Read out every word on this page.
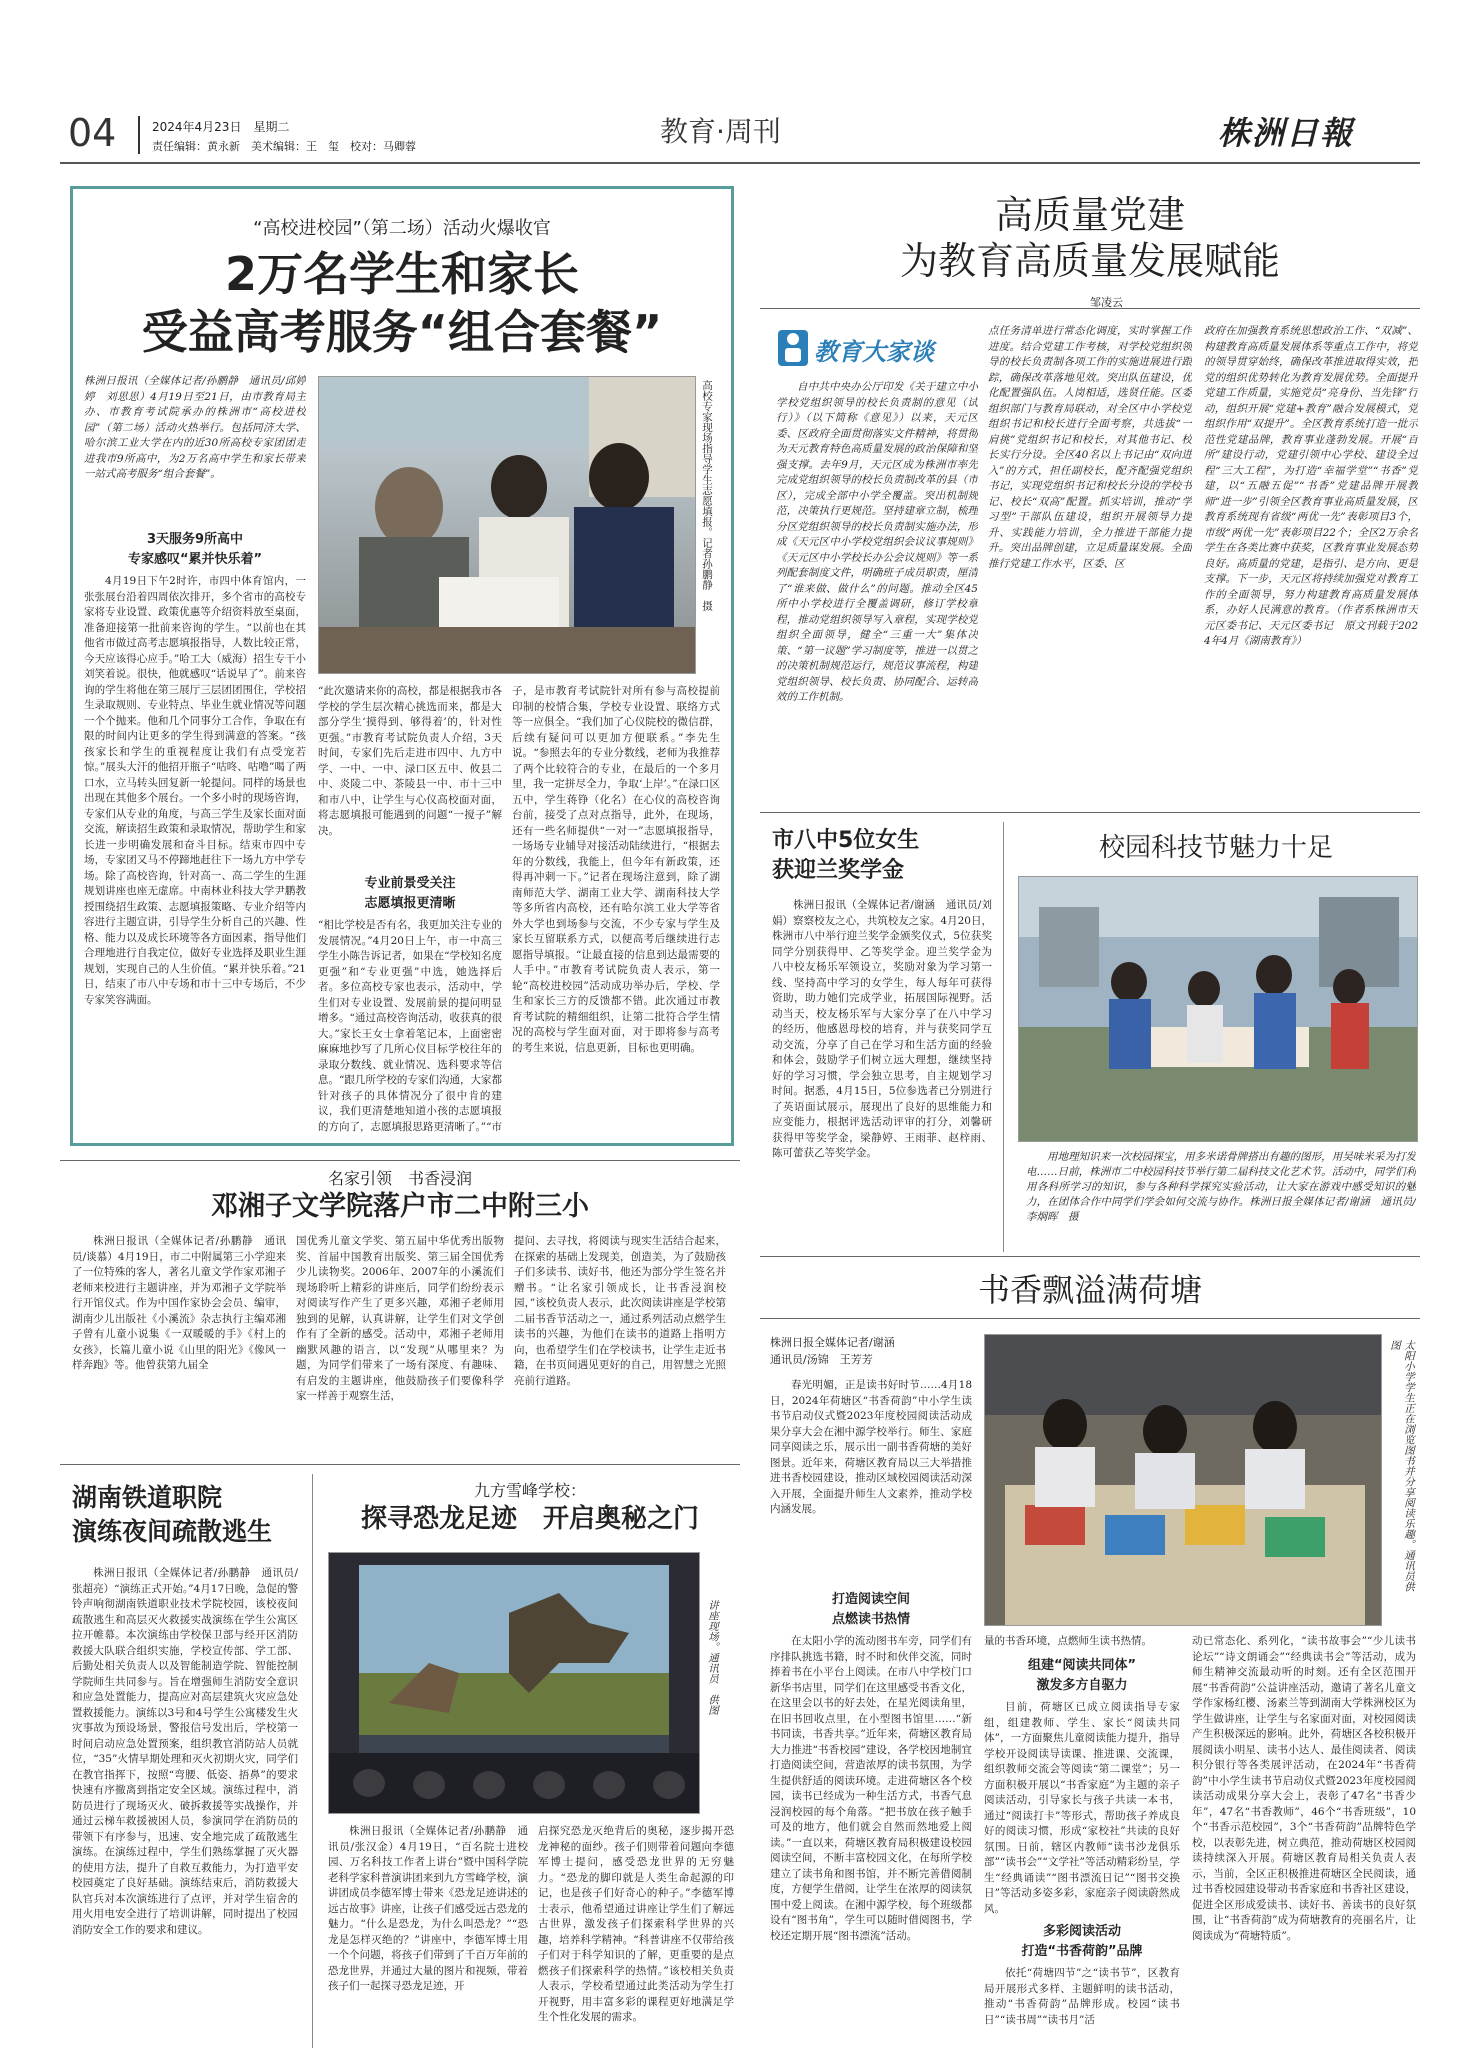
04	2024年4月23日　星期二
责任编辑：黄永新　美术编辑：王　玺　校对：马卿蓉	教育·周刊	株洲日報
“高校进校园”（第二场）活动火爆收官
2万名学生和家长
受益高考服务“组合套餐”
株洲日报讯（全媒体记者/孙鹏静　通讯员/邱婷婷　刘思思）4月19日至21日，由市教育局主办、市教育考试院承办的株洲市“高校进校园”（第二场）活动火热举行。包括同济大学、哈尔滨工业大学在内的近30所高校专家团团走进我市9所高中，为2万名高中学生和家长带来一站式高考服务“组合套餐”。
3天服务9所高中
专家感叹“累并快乐着”
4月19日下午2时许，市四中体育馆内，一张张展台沿着四周依次排开，多个省市的高校专家将专业设置、政策优惠等介绍资料放至桌面，准备迎接第一批前来咨询的学生。“以前也在其他省市做过高考志愿填报指导，人数比较正常，今天应该得心应手。”哈工大（威海）招生专干小刘笑着说。很快，他就感叹“话说早了”。前来咨询的学生将他在第三展厅三层团团围住，学校招生录取规则、专业特点、毕业生就业情况等问题一个个抛来。他和几个同事分工合作，争取在有限的时间内让更多的学生得到满意的答案。“孩孩家长和学生的重视程度让我们有点受宠若惊。”展头大汗的他招开瓶子“咕咚、咕噜”喝了两口水，立马转头回复新一轮提问。同样的场景也出现在其他多个展台。一个多小时的现场咨询，专家们从专业的角度，与高三学生及家长面对面交流，解读招生政策和录取情况，帮助学生和家长进一步明确发展和奋斗目标。结束市四中专场，专家团又马不停蹄地赶往下一场九方中学专场。除了高校咨询，针对高一、高二学生的生涯规划讲座也座无虚席。中南林业科技大学尹鹏教授围绕招生政策、志愿填报策略、专业介绍等内容进行主题宣讲，引导学生分析自己的兴趣、性格、能力以及成长环境等各方面因素，指导他们合理地进行自我定位，做好专业选择及职业生涯规划，实现自己的人生价值。“累并快乐着。”21日，结束了市八中专场和市十三中专场后，不少专家笑容满面。
高校专家现场指导学生志愿填报。记者孙鹏静　摄
“此次邀请来你的高校，都是根据我市各学校的学生层次精心挑选而来，都是大部分学生‘摸得到、够得着’的，针对性更强。”市教育考试院负责人介绍，3天时间，专家们先后走进市四中、九方中学、一中、一中、渌口区五中、攸县二中、炎陵二中、茶陵县一中、市十三中和市八中，让学生与心仪高校面对面，将志愿填报可能遇到的问题“一搅子”解决。
专业前景受关注
志愿填报更清晰
“相比学校是否有名，我更加关注专业的发展情况。”4月20日上午，市一中高三学生小陈告诉记者，如果在“学校知名度更强”和“专业更强”中选，她选择后者。多位高校专家也表示，活动中，学生们对专业设置、发展前景的提问明显增多。“通过高校咨询活动，收获真的很大。”家长王女士拿着笔记本，上面密密麻麻地抄写了几所心仪目标学校往年的录取分数线、就业情况、选科要求等信息。“跟几所学校的专家们沟通，大家都针对孩子的具体情况分了很中肯的建议，我们更清楚地知道小孩的志愿填报的方向了，志愿填报思路更清晰了。”“市
子，是市教育考试院针对所有参与高校提前印制的校情合集，学校专业设置、联络方式等一应俱全。“我们加了心仪院校的微信群，后续有疑问可以更加方便联系。”李先生说。“参照去年的专业分数线，老师为我推荐了两个比较符合的专业，在最后的一个多月里，我一定拼尽全力，争取‘上岸’。”在渌口区五中，学生蒋铮（化名）在心仪的高校咨询台前，接受了点对点指导，此外，在现场，还有一些名师提供“一对一”志愿填报指导，一场场专业辅导对接活动陆续进行，“根据去年的分数线，我能上，但今年有新政策，还得再冲刺一下。”记者在现场注意到，除了湖南师范大学、湖南工业大学、湖南科技大学等多所省内高校，还有哈尔滨工业大学等省外大学也到场参与交流，不少专家与学生及家长互留联系方式，以便高考后继续进行志愿指导填报。“让最直接的信息到达最需要的人手中。”市教育考试院负责人表示，第一轮“高校进校园”活动成功举办后，学校、学生和家长三方的反馈都不错。此次通过市教育考试院的精细组织，让第二批符合学生情况的高校与学生面对面，对于即将参与高考的考生来说，信息更新，目标也更明确。
高质量党建
为教育高质量发展赋能
邹凌云
教育大家谈
自中共中央办公厅印发《关于建立中小学校党组织领导的校长负责制的意见（试行）》（以下简称《意见》）以来，天元区委、区政府全面贯彻落实文件精神，将贯彻为天元教育特色高质量发展的政治保障和坚强支撑。去年9月，天元区成为株洲市率先完成党组织领导的校长负责制改革的县（市区），完成全部中小学全覆盖。突出机制规范，决策执行更规范。坚持建章立制，梳理分区党组织领导的校长负责制实施办法，形成《天元区中小学校党组织会议议事规则》《天元区中小学校长办公会议规则》等一系列配套制度文件，明确班子成员职责，厘清了“谁来做、做什么”的问题。推动全区45所中小学校进行全覆盖调研，修订学校章程，推动党组织领导写入章程，实现学校党组织全面领导，健全“三重一大”集体决策、“第一议题”学习制度等，推进一以贯之的决策机制规范运行，规范议事流程，构建党组织领导、校长负责、协同配合、运转高效的工作机制。
点任务清单进行常态化调度，实时掌握工作进度。结合党建工作考核，对学校党组织领导的校长负责制各项工作的实施进展进行跟踪，确保改革落地见效。突出队伍建设，优化配置强队伍。人岗相适，选贤任能。区委组织部门与教育局联动，对全区中小学校党组织书记和校长进行全面考察，共选拔“一肩挑”党组织书记和校长，对其他书记、校长实行分设。全区40名以上书记由“双向进入”的方式，担任副校长，配齐配强党组织书记，实现党组织书记和校长分设的学校书记、校长“双高”配置。抓实培训，推动“学习型”干部队伍建设，组织开展领导力提升、实践能力培训，全力推进干部能力提升。突出品牌创建，立足质量谋发展。全面推行党建工作水平，区委、区
政府在加强教育系统思想政治工作、“双减”、构建教育高质量发展体系等重点工作中，将党的领导贯穿始终，确保改革推进取得实效，把党的组织优势转化为教育发展优势。全面提升党建工作质量，实施党员“亮身份、当先锋”行动，组织开展“党建+教育”融合发展模式，党组织作用“双提升”。全区教育系统打造一批示范性党建品牌，教育事业蓬勃发展。开展“百所”建设行动，党建引领中心学校、建设全过程“三大工程”，为打造“幸福学堂”“书香”党建，以“五融五促”“书香”党建品牌开展教师“进一步”引领全区教育事业高质量发展，区教育系统现有省级“两优一先”表彰项目3个，市级“两优一先”表彰项目22个；全区2万余名学生在各类比赛中获奖，区教育事业发展态势良好。高质量的党建，是指引、是方向、更是支撑。下一步，天元区将持续加强党对教育工作的全面领导，努力构建教育高质量发展体系，办好人民满意的教育。（作者系株洲市天元区委书记、天元区委书记　原文刊载于2024年4月《湖南教育》）
市八中5位女生
获迎兰奖学金
株洲日报讯（全媒体记者/谢涵　通讯员/刘娟）察察校友之心，共筑校友之家。4月20日，株洲市八中举行迎兰奖学金颁奖仪式，5位获奖同学分别获得甲、乙等奖学金。迎兰奖学金为八中校友杨乐军领设立，奖励对象为学习第一线、坚持高中学习的女学生，每人每年可获得资助，助力她们完成学业，拓展国际视野。活动当天，校友杨乐军与大家分享了在八中学习的经历，他感恩母校的培育，并与获奖同学互动交流，分享了自己在学习和生活方面的经验和体会，鼓励学子们树立远大理想，继续坚持好的学习习惯，学会独立思考，自主规划学习时间。据悉，4月15日，5位参选者已分别进行了英语面试展示，展现出了良好的思维能力和应变能力，根据评选活动评审的打分，刘馨研获得甲等奖学金，梁静婷、王雨菲、赵梓雨、陈可蕾获乙等奖学金。
校园科技节魅力十足
用地理知识来一次校园探宝，用多米诺骨牌搭出有趣的图形，用吴味米采为打发电……日前，株洲市二中校园科技节举行第二届科技文化艺术节。活动中，同学们利用各科所学习的知识，参与各种科学探究实验活动，让大家在游戏中感受知识的魅力，在团体合作中同学们学会如何交流与协作。株洲日报全媒体记者/谢涵　通讯员/李炯晖　摄
名家引领　书香浸润
邓湘子文学院落户市二中附三小
株洲日报讯（全媒体记者/孙鹏静　通讯员/谈慕）4月19日，市二中附属第三小学迎来了一位特殊的客人，著名儿童文学作家邓湘子老师来校进行主题讲座，并为邓湘子文学院举行开馆仪式。作为中国作家协会会员、编审，湖南少儿出版社《小溪流》杂志执行主编邓湘子曾有儿童小说集《一双暖暖的手》《村上的女孩》，长篇儿童小说《山里的阳光》《像风一样奔跑》等。他曾获第九届全
国优秀儿童文学奖、第五届中华优秀出版物奖、首届中国教育出版奖、第三届全国优秀少儿读物奖。2006年、2007年的小溪流们现场聆听上精彩的讲座后，同学们纷纷表示对阅读写作产生了更多兴趣，邓湘子老师用独到的见解，认真讲解，让学生们对文学创作有了全新的感受。活动中，邓湘子老师用幽默风趣的语言，以“发现”从哪里来？为题，为同学们带来了一场有深度、有趣味、有启发的主题讲座，他鼓励孩子们要像科学家一样善于观察生活，
提问、去寻找，将阅读与现实生活结合起来，在探索的基础上发现美，创造美，为了鼓励孩子们多读书、读好书，他还为部分学生签名并赠书。“让名家引领成长，让书香浸润校园，”该校负责人表示，此次阅读讲座是学校第二届书香节活动之一，通过系列活动点燃学生读书的兴趣，为他们在读书的道路上指明方向，也希望学生们在学校读书，让学生走近书籍，在书页间遇见更好的自己，用智慧之光照亮前行道路。
湖南铁道职院
演练夜间疏散逃生
株洲日报讯（全媒体记者/孙鹏静　通讯员/张超亮）“演练正式开始。”4月17日晚，急促的警铃声响彻湖南铁道职业技术学院校园，该校夜间疏散逃生和高层灭火救援实战演练在学生公寓区拉开帷幕。本次演练由学校保卫部与经开区消防救援大队联合组织实施，学校宣传部、学工部、后勤处相关负责人以及智能制造学院、智能控制学院师生共同参与。旨在增强师生消防安全意识和应急处置能力，提高应对高层建筑火灾应急处置救援能力。演练以3号和4号学生公寓楼发生火灾事故为预设场景，警报信号发出后，学校第一时间启动应急处置预案，组织教官消防站人员就位，“35”火情早期处理和灭火初期火灾，同学们在教官指挥下，按照“弯腰、低姿、捂鼻”的要求快速有序撤离到指定安全区域。演练过程中，消防员进行了现场灭火、破拆救援等实战操作，并通过云梯车救援被困人员，参演同学在消防员的带领下有序参与，迅速、安全地完成了疏散逃生演练。在演练过程中，学生们熟练掌握了灭火器的使用方法，提升了自救互救能力，为打造平安校园奠定了良好基础。演练结束后，消防救援大队官兵对本次演练进行了点评，并对学生宿舍的用火用电安全进行了培训讲解，同时提出了校园消防安全工作的要求和建议。
九方雪峰学校：
探寻恐龙足迹　开启奥秘之门
讲座现场。通讯员　供图
株洲日报讯（全媒体记者/孙鹏静　通讯员/张汉金）4月19日，“百名院士进校园、万名科技工作者上讲台”暨中国科学院老科学家科普演讲团来到九方雪峰学校，演讲团成员李德军博士带来《恐龙足迹讲述的远古故事》讲座，让孩子们感受远古恐龙的魅力。“什么是恐龙，为什么叫恐龙？”“恐龙是怎样灭绝的？”讲座中，李德军博士用一个个问题，将孩子们带到了千百万年前的恐龙世界，并通过大量的图片和视频，带着孩子们一起探寻恐龙足迹，开
启探究恐龙灭绝背后的奥秘，逐步揭开恐龙神秘的面纱。孩子们则带着问题向李德军博士提问，感受恐龙世界的无穷魅力。“恐龙的脚印就是人类生命起源的印记，也是孩子们好奇心的种子。”李德军博士表示，他希望通过讲座让学生们了解远古世界，激发孩子们探索科学世界的兴趣，培养科学精神。“科普讲座不仅带给孩子们对于科学知识的了解，更重要的是点燃孩子们探索科学的热情。”该校相关负责人表示，学校希望通过此类活动为学生打开视野，用丰富多彩的课程更好地满足学生个性化发展的需求。
书香飘溢满荷塘
株洲日报全媒体记者/谢涵
通讯员/汤锦　王芳芳
春光明媚，正是读书好时节……4月18日，2024年荷塘区“书香荷韵”中小学生读书节启动仪式暨2023年度校园阅读活动成果分享大会在湘中源学校举行。师生、家庭同享阅读之乐，展示出一副书香荷塘的美好图景。近年来，荷塘区教育局以三大举措推进书香校园建设，推动区域校园阅读活动深入开展，全面提升师生人文素养，推动学校内涵发展。
打造阅读空间
点燃读书热情
在太阳小学的流动图书车旁，同学们有序排队挑选书籍，时不时和伙伴交流，同时捧着书在小平台上阅读。在市八中学校门口新华书店里，同学们在这里感受书香文化，在这里会以书的好去处，在星光阅读角里，在旧书回收点里，在小型图书馆里……“新书同读，书香共享。”近年来，荷塘区教育局大力推进“书香校园”建设，各学校因地制宜打造阅读空间，营造浓厚的读书氛围，为学生提供舒适的阅读环境。走进荷塘区各个校园，读书已经成为一种生活方式，书香气息浸润校园的每个角落。“把书放在孩子触手可及的地方，他们就会自然而然地爱上阅读。”一直以来，荷塘区教育局积极建设校园阅读空间，不断丰富校园文化，在每所学校建立了读书角和图书馆，并不断完善借阅制度，方便学生借阅，让学生在浓厚的阅读氛围中爱上阅读。在湘中源学校，每个班级都设有“图书角”，学生可以随时借阅图书，学校还定期开展“图书漂流”活动。
太阳小学学生正在浏览图书并分享阅读乐趣。通讯员供图
量的书香环境，点燃师生读书热情。
组建“阅读共同体”
激发多方自驱力
目前，荷塘区已成立阅读指导专家组，组建教师、学生、家长“阅读共同体”，一方面聚焦儿童阅读能力提升，指导学校开设阅读导读课、推进课、交流课，组织教师交流会等阅读“第二课堂”；另一方面积极开展以“书香家庭”为主题的亲子阅读活动，引导家长与孩子共读一本书，通过“阅读打卡”等形式，帮助孩子养成良好的阅读习惯，形成“家校社”共读的良好氛围。日前，辖区内教师“读书沙龙俱乐部”“读书会”“文学社”等活动精彩纷呈，学生“经典诵读”“图书漂流日记”“图书交换日”等活动多姿多彩，家庭亲子阅读蔚然成风。
多彩阅读活动
打造“书香荷韵”品牌
依托“荷塘四节”之“读书节”，区教育局开展形式多样、主题鲜明的读书活动，推动“书香荷韵”品牌形成。校园“读书日”“读书周”“读书月”活
动已常态化、系列化，“读书故事会”“少儿读书论坛”“诗文朗诵会”“经典读书会”等活动，成为师生精神交流最动听的时刻。还有全区范围开展“书香荷韵”公益讲座活动，邀请了著名儿童文学作家杨红樱、汤素兰等到湖南大学株洲校区为学生做讲座，让学生与名家面对面，对校园阅读产生积极深远的影响。此外，荷塘区各校积极开展阅读小明星、读书小达人、最佳阅读者、阅读积分银行等各类展评活动，在2024年“书香荷韵”中小学生读书节启动仪式暨2023年度校园阅读活动成果分享大会上，表彰了47名“书香少年”，47名“书香教师”，46个“书香班级”，10个“书香示范校园”，3个“书香荷韵”品牌特色学校，以表彰先进，树立典范，推动荷塘区校园阅读持续深入开展。荷塘区教育局相关负责人表示，当前，全区正积极推进荷塘区全民阅读，通过书香校园建设带动书香家庭和书香社区建设，促进全区形成爱读书、读好书、善读书的良好氛围，让“书香荷韵”成为荷塘教育的亮丽名片，让阅读成为“荷塘特质”。
